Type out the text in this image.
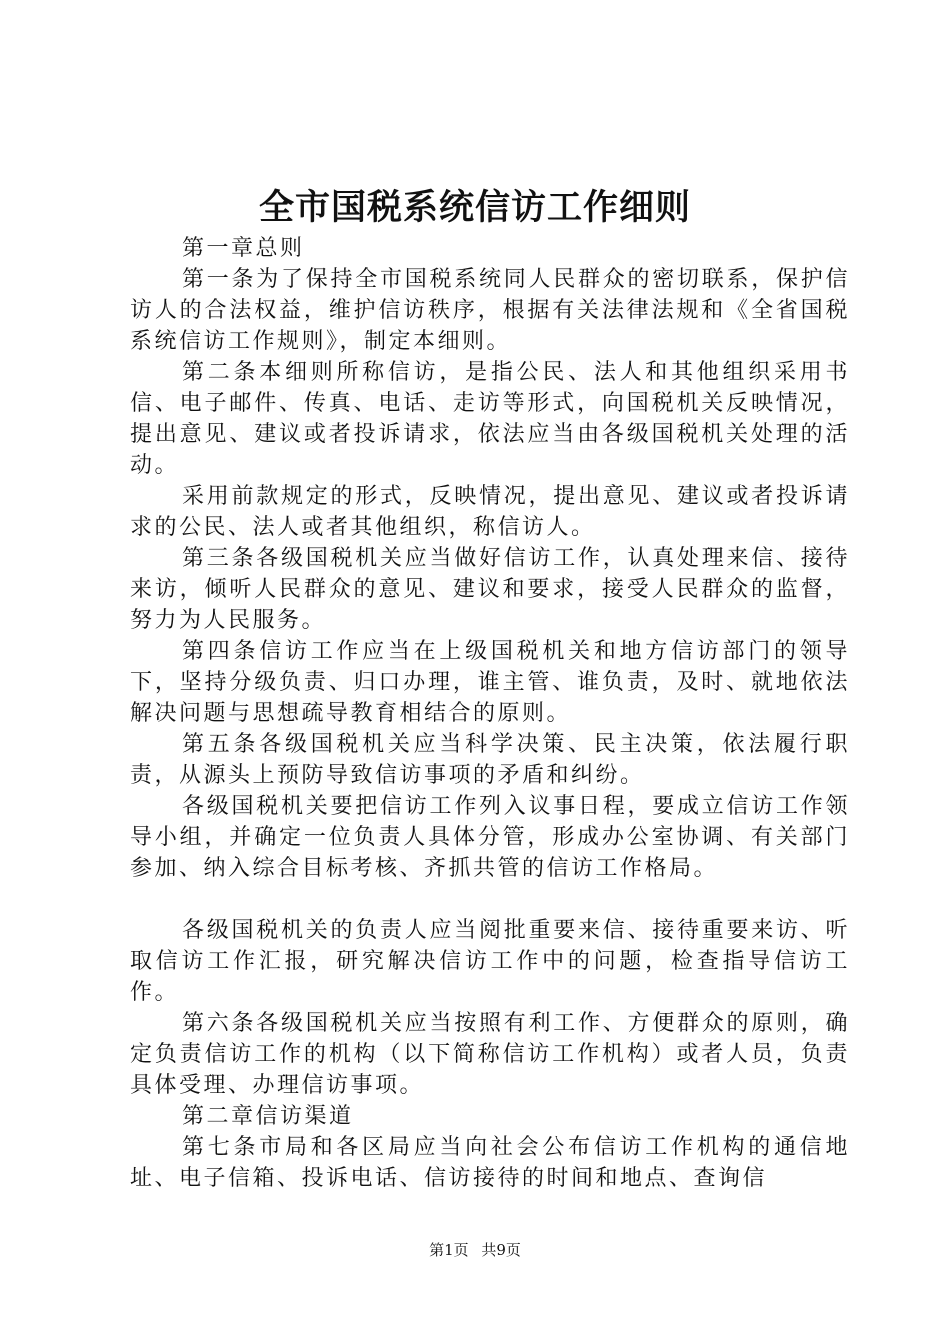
全市国税系统信访工作细则

第一章总则

第一条为了保持全市国税系统同人民群众的密切联系，保护信访人的合法权益，维护信访秩序，根据有关法律法规和《全省国税系统信访工作规则》，制定本细则。

第二条本细则所称信访，是指公民、法人和其他组织采用书信、电子邮件、传真、电话、走访等形式，向国税机关反映情况，提出意见、建议或者投诉请求，依法应当由各级国税机关处理的活动。

采用前款规定的形式，反映情况，提出意见、建议或者投诉请求的公民、法人或者其他组织，称信访人。

第三条各级国税机关应当做好信访工作，认真处理来信、接待来访，倾听人民群众的意见、建议和要求，接受人民群众的监督，努力为人民服务。

第四条信访工作应当在上级国税机关和地方信访部门的领导下，坚持分级负责、归口办理，谁主管、谁负责，及时、就地依法解决问题与思想疏导教育相结合的原则。

第五条各级国税机关应当科学决策、民主决策，依法履行职责，从源头上预防导致信访事项的矛盾和纠纷。

各级国税机关要把信访工作列入议事日程，要成立信访工作领导小组，并确定一位负责人具体分管，形成办公室协调、有关部门参加、纳入综合目标考核、齐抓共管的信访工作格局。

各级国税机关的负责人应当阅批重要来信、接待重要来访、听取信访工作汇报，研究解决信访工作中的问题，检查指导信访工作。

第六条各级国税机关应当按照有利工作、方便群众的原则，确定负责信访工作的机构（以下简称信访工作机构）或者人员，负责具体受理、办理信访事项。

第二章信访渠道

第七条市局和各区局应当向社会公布信访工作机构的通信地址、电子信箱、投诉电话、信访接待的时间和地点、查询信

第1页 共9页
